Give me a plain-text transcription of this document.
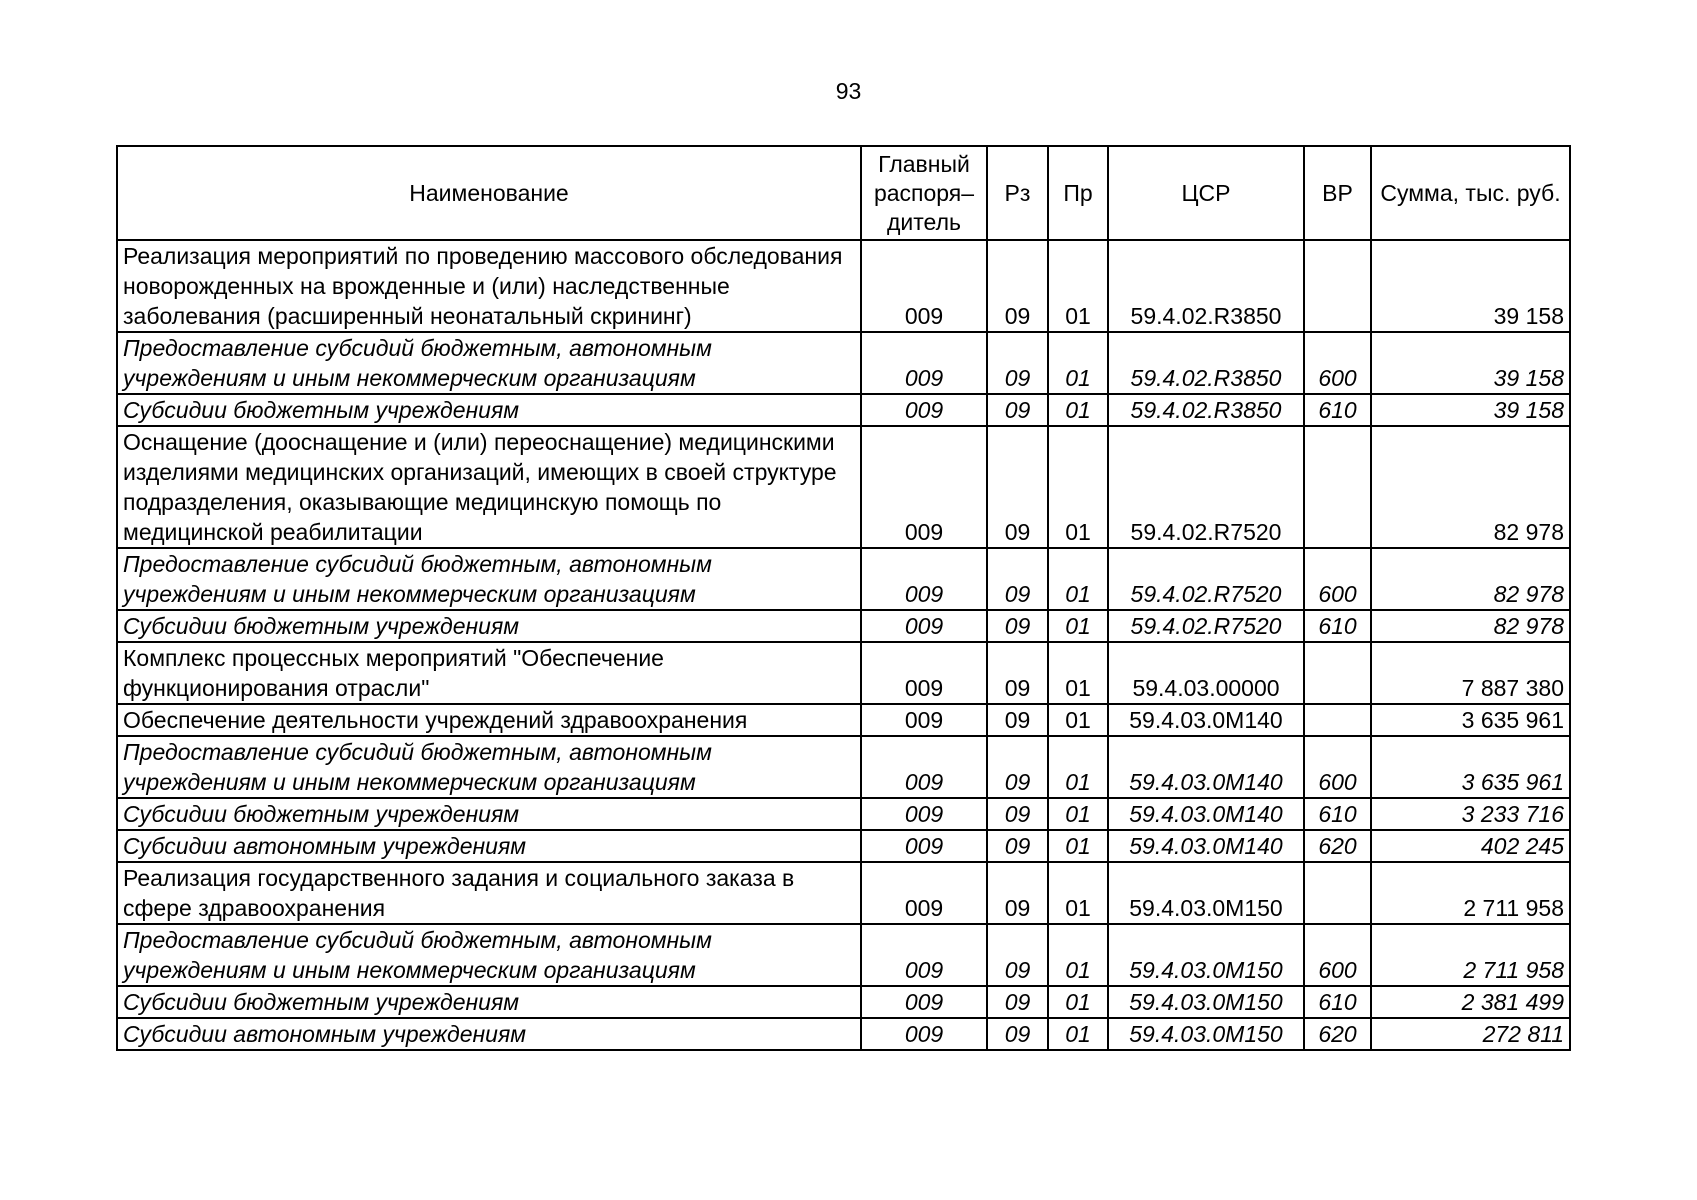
93
Наименование	Главный распоря– дитель	Рз	Пр	ЦСР	ВР	Сумма, тыс. руб.
Реализация мероприятий по проведению массового обследования новорожденных на врожденные и (или) наследственные заболевания (расширенный неонатальный скрининг)	009	09	01	59.4.02.R3850		39 158
Предоставление субсидий бюджетным, автономным учреждениям и иным некоммерческим организациям	009	09	01	59.4.02.R3850	600	39 158
Субсидии бюджетным учреждениям	009	09	01	59.4.02.R3850	610	39 158
Оснащение (дооснащение и (или) переоснащение) медицинскими изделиями медицинских организаций, имеющих в своей структуре подразделения, оказывающие медицинскую помощь по медицинской реабилитации	009	09	01	59.4.02.R7520		82 978
Предоставление субсидий бюджетным, автономным учреждениям и иным некоммерческим организациям	009	09	01	59.4.02.R7520	600	82 978
Субсидии бюджетным учреждениям	009	09	01	59.4.02.R7520	610	82 978
Комплекс процессных мероприятий "Обеспечение функционирования отрасли"	009	09	01	59.4.03.00000		7 887 380
Обеспечение деятельности учреждений здравоохранения	009	09	01	59.4.03.0М140		3 635 961
Предоставление субсидий бюджетным, автономным учреждениям и иным некоммерческим организациям	009	09	01	59.4.03.0М140	600	3 635 961
Субсидии бюджетным учреждениям	009	09	01	59.4.03.0М140	610	3 233 716
Субсидии автономным учреждениям	009	09	01	59.4.03.0М140	620	402 245
Реализация государственного задания и социального заказа в сфере здравоохранения	009	09	01	59.4.03.0М150		2 711 958
Предоставление субсидий бюджетным, автономным учреждениям и иным некоммерческим организациям	009	09	01	59.4.03.0М150	600	2 711 958
Субсидии бюджетным учреждениям	009	09	01	59.4.03.0М150	610	2 381 499
Субсидии автономным учреждениям	009	09	01	59.4.03.0М150	620	272 811
